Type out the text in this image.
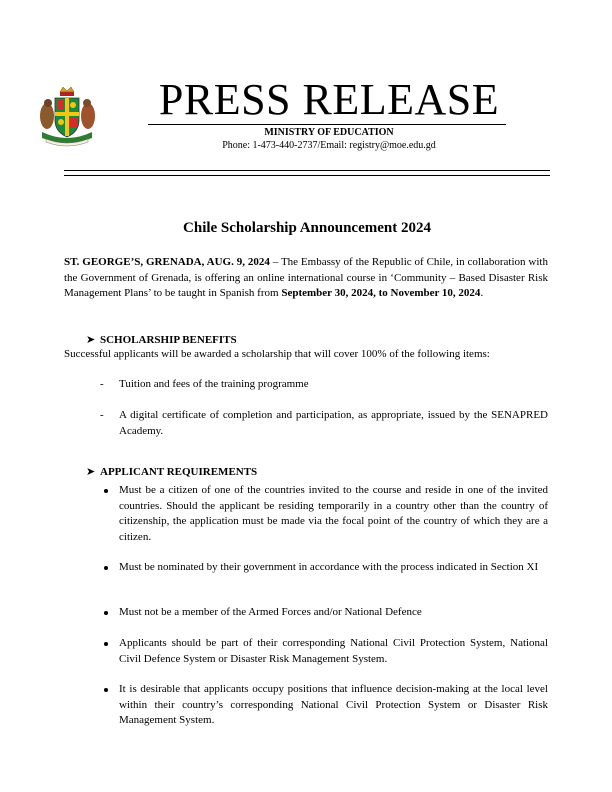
PRESS RELEASE
MINISTRY OF EDUCATION
Phone: 1-473-440-2737/Email: registry@moe.edu.gd
Chile Scholarship Announcement 2024
ST. GEORGE’S, GRENADA, AUG. 9, 2024 – The Embassy of the Republic of Chile, in collaboration with the Government of Grenada, is offering an online international course in ‘Community – Based Disaster Risk Management Plans’ to be taught in Spanish from September 30, 2024, to November 10, 2024.
➤ SCHOLARSHIP BENEFITS
Successful applicants will be awarded a scholarship that will cover 100% of the following items:
- Tuition and fees of the training programme
- A digital certificate of completion and participation, as appropriate, issued by the SENAPRED Academy.
➤ APPLICANT REQUIREMENTS
Must be a citizen of one of the countries invited to the course and reside in one of the invited countries. Should the applicant be residing temporarily in a country other than the country of citizenship, the application must be made via the focal point of the country of which they are a citizen.
Must be nominated by their government in accordance with the process indicated in Section XI
Must not be a member of the Armed Forces and/or National Defence
Applicants should be part of their corresponding National Civil Protection System, National Civil Defence System or Disaster Risk Management System.
It is desirable that applicants occupy positions that influence decision-making at the local level within their country’s corresponding National Civil Protection System or Disaster Risk Management System.
